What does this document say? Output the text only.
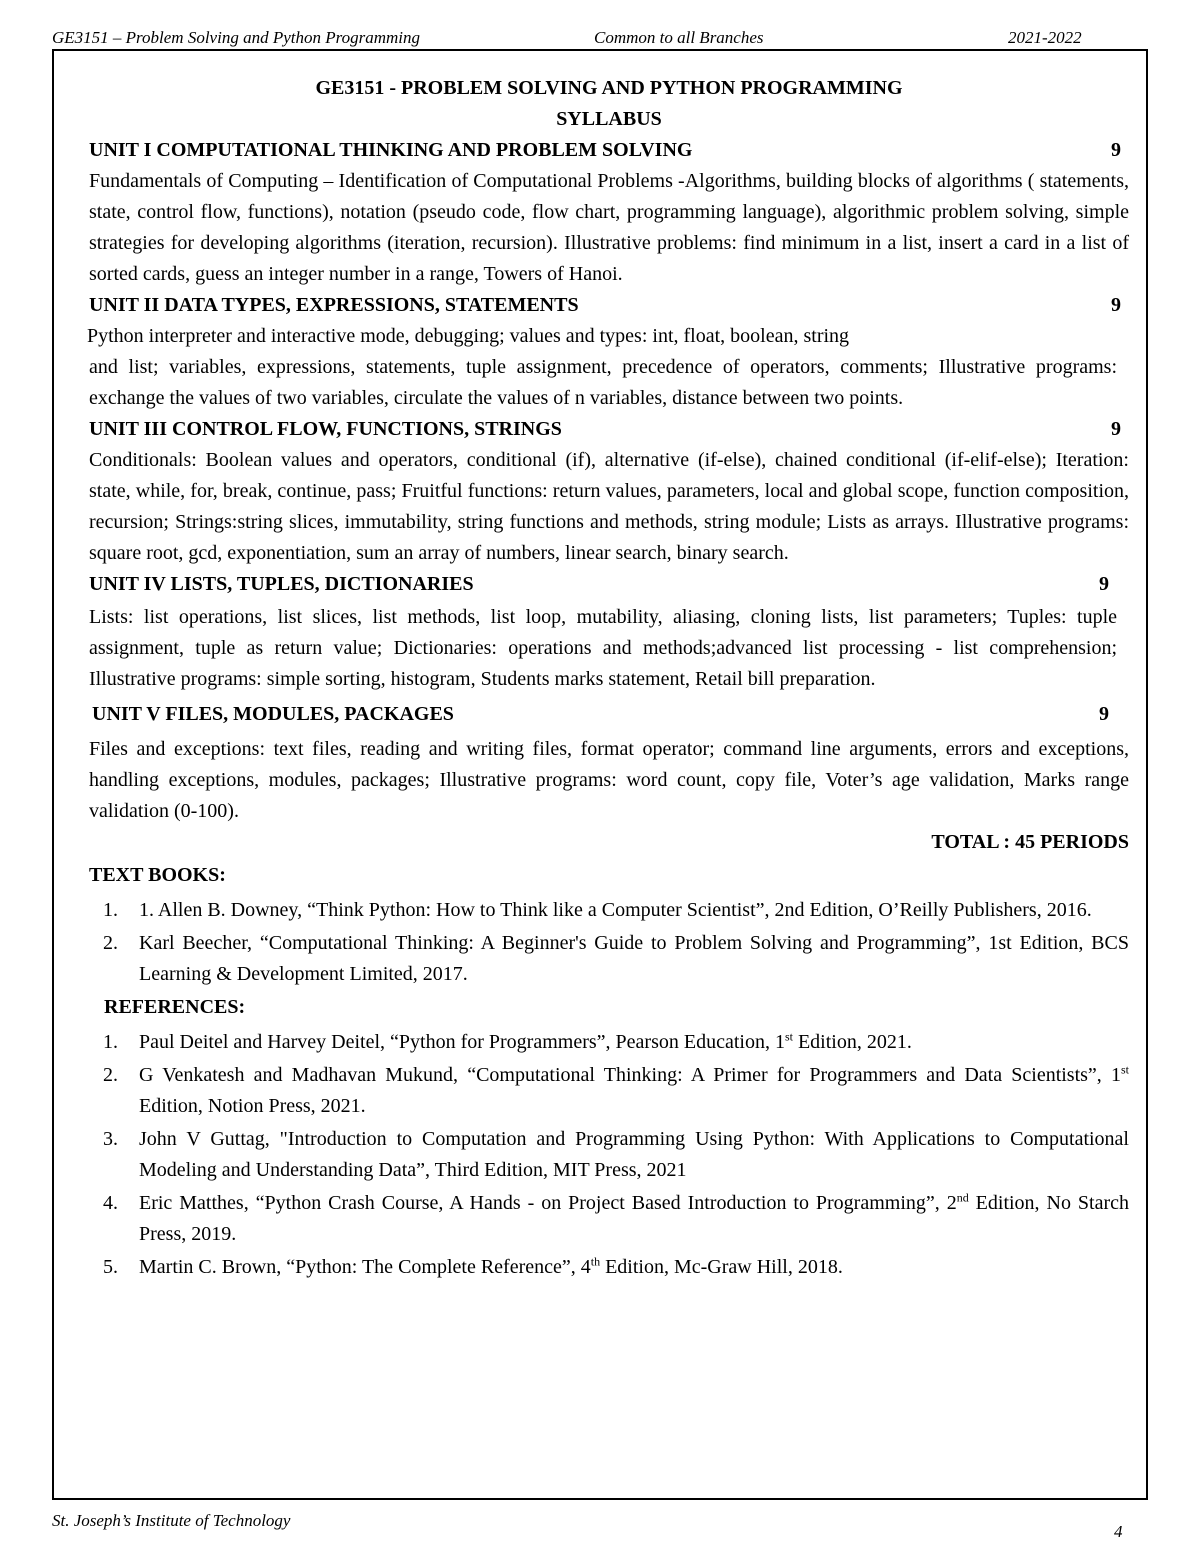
GE3151 – Problem Solving and Python Programming	Common to all Branches	2021-2022
GE3151 - PROBLEM SOLVING AND PYTHON PROGRAMMING
SYLLABUS
UNIT I COMPUTATIONAL THINKING AND PROBLEM SOLVING	9

Fundamentals of Computing – Identification of Computational Problems -Algorithms, building blocks of algorithms ( statements, state, control flow, functions), notation (pseudo code, flow chart, programming language), algorithmic problem solving, simple strategies for developing algorithms (iteration, recursion). Illustrative problems: find minimum in a list, insert a card in a list of sorted cards, guess an integer number in a range, Towers of Hanoi.

UNIT II DATA TYPES, EXPRESSIONS, STATEMENTS	9

Python interpreter and interactive mode, debugging; values and types: int, float, boolean, string

and list; variables, expressions, statements, tuple assignment, precedence of operators, comments; Illustrative programs: exchange the values of two variables, circulate the values of n variables, distance between two points.

UNIT III CONTROL FLOW, FUNCTIONS, STRINGS	9

Conditionals: Boolean values and operators, conditional (if), alternative (if-else), chained conditional (if-elif-else); Iteration: state, while, for, break, continue, pass; Fruitful functions: return values, parameters, local and global scope, function composition, recursion; Strings:string slices, immutability, string functions and methods, string module; Lists as arrays. Illustrative programs: square root, gcd, exponentiation, sum an array of numbers, linear search, binary search.

UNIT IV LISTS, TUPLES, DICTIONARIES	9

Lists: list operations, list slices, list methods, list loop, mutability, aliasing, cloning lists, list parameters; Tuples: tuple assignment, tuple as return value; Dictionaries: operations and methods;advanced list processing - list comprehension; Illustrative programs: simple sorting, histogram, Students marks statement, Retail bill preparation.

UNIT V FILES, MODULES, PACKAGES	9

Files and exceptions: text files, reading and writing files, format operator; command line arguments, errors and exceptions, handling exceptions, modules, packages; Illustrative programs: word count, copy file, Voter’s age validation, Marks range validation (0-100).

TOTAL : 45 PERIODS
TEXT BOOKS:
1. 1. Allen B. Downey, “Think Python: How to Think like a Computer Scientist”, 2nd Edition, O’Reilly Publishers, 2016.
2. Karl Beecher, “Computational Thinking: A Beginner's Guide to Problem Solving and Programming”, 1st Edition, BCS Learning & Development Limited, 2017.
REFERENCES:
1. Paul Deitel and Harvey Deitel, “Python for Programmers”, Pearson Education, 1st Edition, 2021.
2. G Venkatesh and Madhavan Mukund, “Computational Thinking: A Primer for Programmers and Data Scientists”, 1st Edition, Notion Press, 2021.
3. John V Guttag, "Introduction to Computation and Programming Using Python: With Applications to Computational Modeling and Understanding Data”, Third Edition, MIT Press, 2021
4. Eric Matthes, “Python Crash Course, A Hands - on Project Based Introduction to Programming”, 2nd Edition, No Starch Press, 2019.
5. Martin C. Brown, “Python: The Complete Reference”, 4th Edition, Mc-Graw Hill, 2018.
St. Joseph’s Institute of Technology
4
